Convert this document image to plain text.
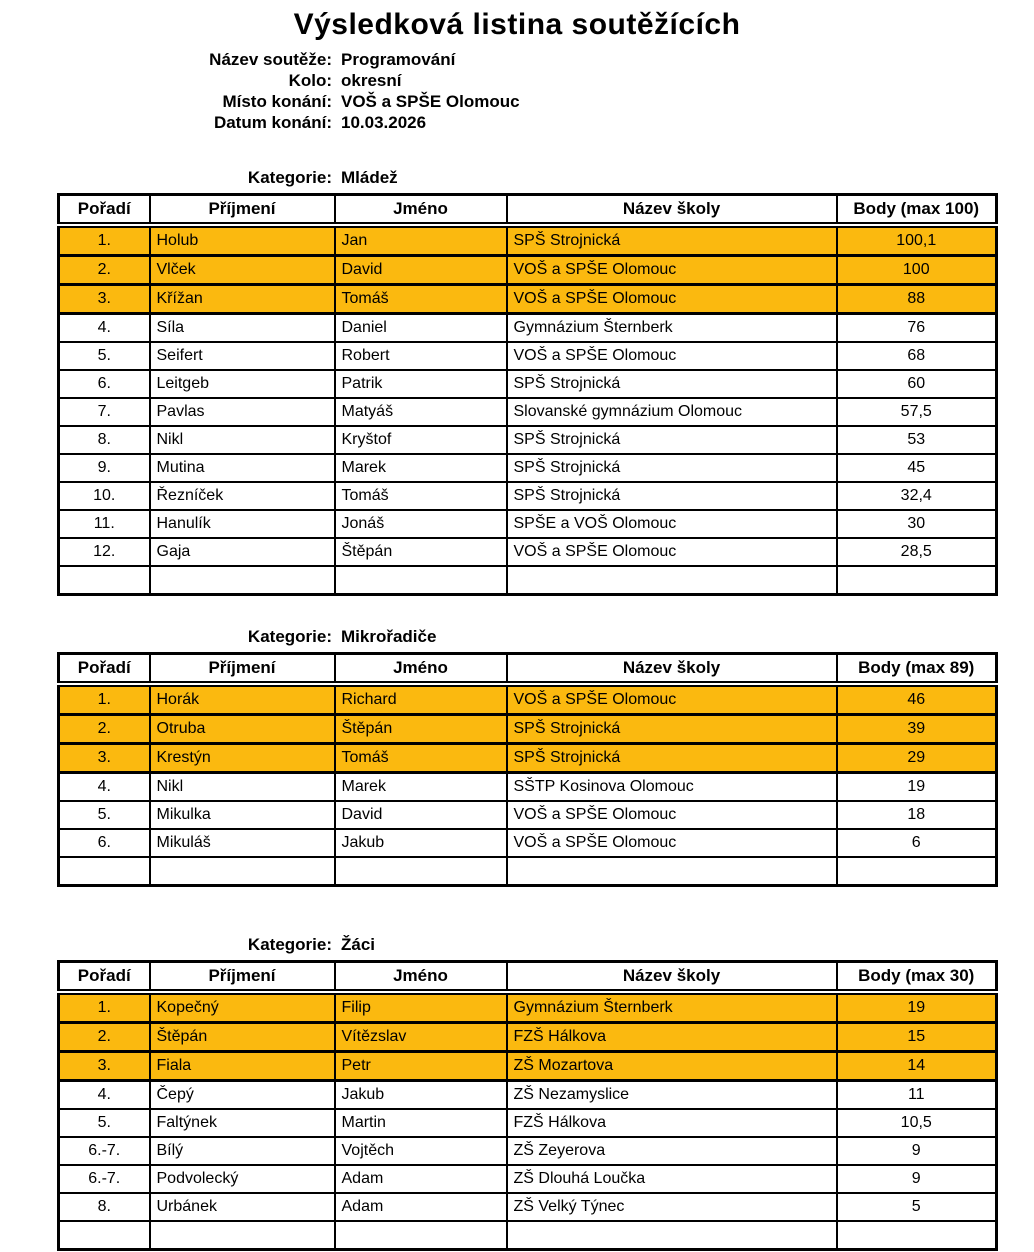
Výsledková listina soutěžících
Název soutěže: Programování
Kolo: okresní
Místo konání: VOŠ a SPŠE Olomouc
Datum konání: 10.03.2026
Kategorie: Mládež
Pořadí	Příjmení	Jméno	Název školy	Body (max 100)
1.	Holub	Jan	SPŠ Strojnická	100,1
2.	Vlček	David	VOŠ a SPŠE Olomouc	100
3.	Křížan	Tomáš	VOŠ a SPŠE Olomouc	88
4.	Síla	Daniel	Gymnázium Šternberk	76
5.	Seifert	Robert	VOŠ a SPŠE Olomouc	68
6.	Leitgeb	Patrik	SPŠ Strojnická	60
7.	Pavlas	Matyáš	Slovanské gymnázium Olomouc	57,5
8.	Nikl	Kryštof	SPŠ Strojnická	53
9.	Mutina	Marek	SPŠ Strojnická	45
10.	Řezníček	Tomáš	SPŠ Strojnická	32,4
11.	Hanulík	Jonáš	SPŠE a VOŠ Olomouc	30
12.	Gaja	Štěpán	VOŠ a SPŠE Olomouc	28,5

Kategorie: Mikrořadiče
Pořadí	Příjmení	Jméno	Název školy	Body (max 89)
1.	Horák	Richard	VOŠ a SPŠE Olomouc	46
2.	Otruba	Štěpán	SPŠ Strojnická	39
3.	Krestýn	Tomáš	SPŠ Strojnická	29
4.	Nikl	Marek	SŠTP Kosinova Olomouc	19
5.	Mikulka	David	VOŠ a SPŠE Olomouc	18
6.	Mikuláš	Jakub	VOŠ a SPŠE Olomouc	6

Kategorie: Žáci
Pořadí	Příjmení	Jméno	Název školy	Body (max 30)
1.	Kopečný	Filip	Gymnázium Šternberk	19
2.	Štěpán	Vítězslav	FZŠ Hálkova	15
3.	Fiala	Petr	ZŠ Mozartova	14
4.	Čepý	Jakub	ZŠ Nezamyslice	11
5.	Faltýnek	Martin	FZŠ Hálkova	10,5
6.-7.	Bílý	Vojtěch	ZŠ Zeyerova	9
6.-7.	Podvolecký	Adam	ZŠ Dlouhá Loučka	9
8.	Urbánek	Adam	ZŠ Velký Týnec	5
